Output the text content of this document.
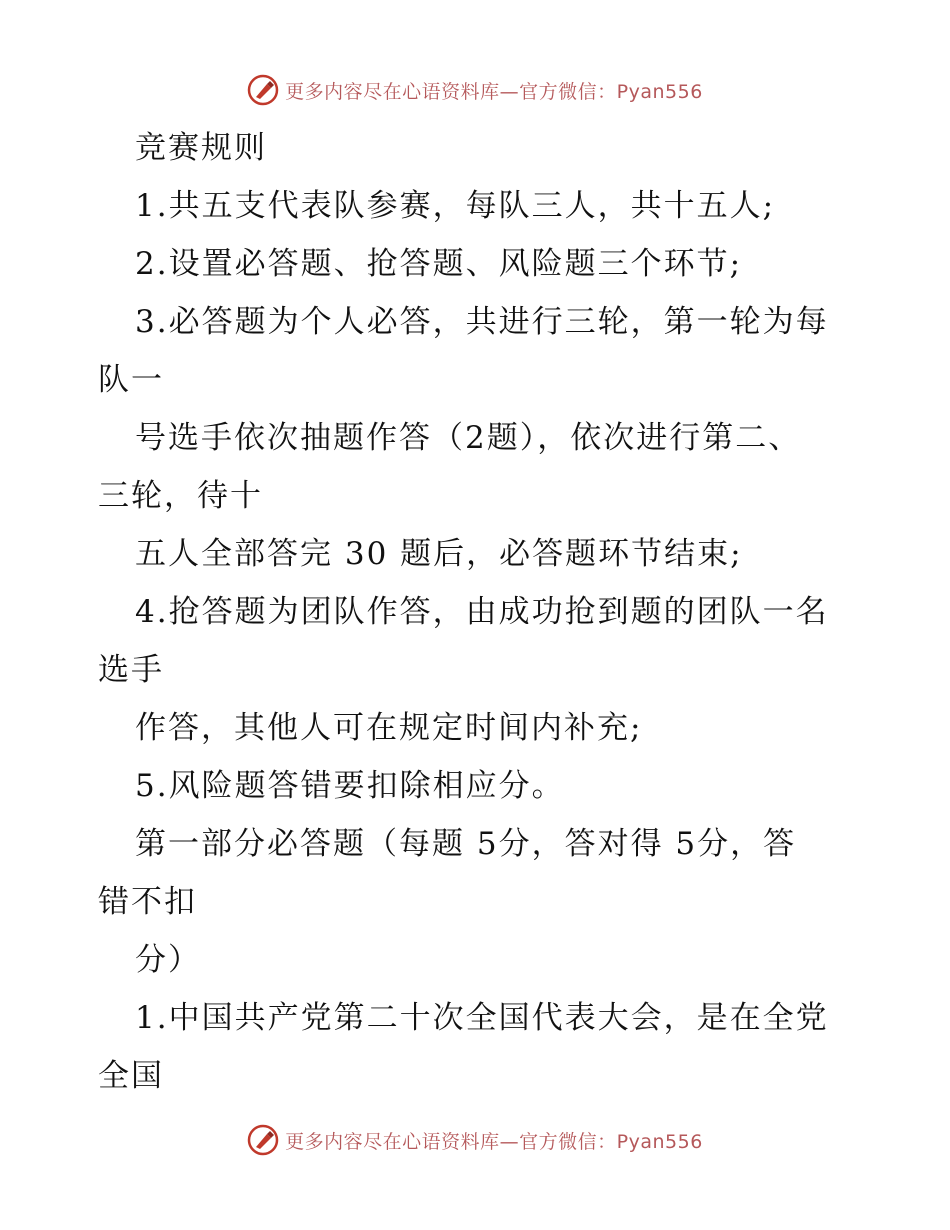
更多内容尽在心语资料库—官方微信：Pyan556
竞赛规则
1.共五支代表队参赛，每队三人，共十五人;
2.设置必答题、抢答题、风险题三个环节;
3.必答题为个人必答，共进行三轮，第一轮为每
队一
号选手依次抽题作答（2题），依次进行第二、
三轮，待十
五人全部答完 30 题后，必答题环节结束;
4.抢答题为团队作答，由成功抢到题的团队一名
选手
作答，其他人可在规定时间内补充;
5.风险题答错要扣除相应分。
第一部分必答题（每题 5分，答对得 5分，答
错不扣
分）
1.中国共产党第二十次全国代表大会，是在全党
全国
更多内容尽在心语资料库—官方微信：Pyan556
